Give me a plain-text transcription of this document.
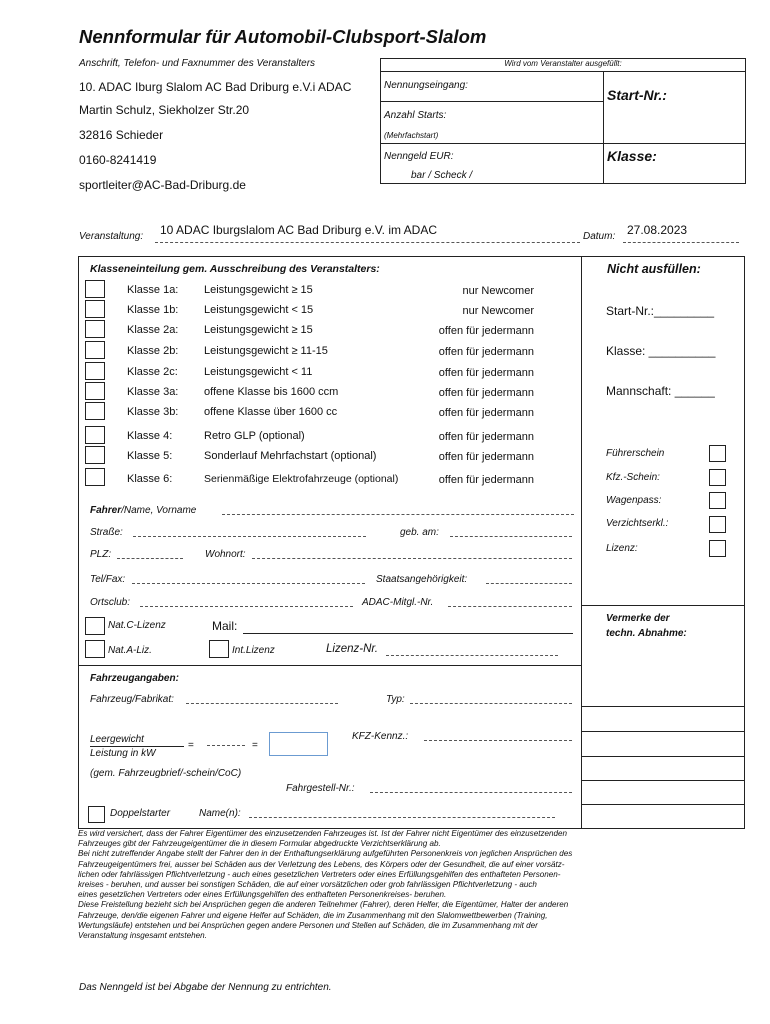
Nennformular für Automobil-Clubsport-Slalom
Anschrift, Telefon- und Faxnummer des Veranstalters
10. ADAC Iburg Slalom AC Bad Driburg e.V.i ADAC
Martin Schulz, Siekholzer Str.20
32816 Schieder
0160-8241419
sportleiter@AC-Bad-Driburg.de
Wird vom Veranstalter ausgefüllt:
Nennungseingang:
Anzahl Starts:
(Mehrfachstart)
Nenngeld EUR:
bar / Scheck /
Start-Nr.:
Klasse:
Veranstaltung: 10 ADAC Iburgslalom AC Bad Driburg e.V. im ADAC	Datum: 27.08.2023
Klasseneinteilung gem. Ausschreibung des Veranstalters:
Klasse 1a: Leistungsgewicht ≥ 15	nur Newcomer
Klasse 1b: Leistungsgewicht < 15	nur Newcomer
Klasse 2a: Leistungsgewicht ≥ 15	offen für jedermann
Klasse 2b: Leistungsgewicht ≥ 11-15	offen für jedermann
Klasse 2c: Leistungsgewicht < 11	offen für jedermann
Klasse 3a: offene Klasse bis 1600 ccm	offen für jedermann
Klasse 3b: offene Klasse über 1600 cc	offen für jedermann
Klasse 4:	Retro GLP (optional)	offen für jedermann
Klasse 5:	Sonderlauf Mehrfachstart (optional)	offen für jedermann
Klasse 6:	Serienmäßige Elektrofahrzeuge (optional)	offen für jedermann
Fahrer/Name, Vorname
Straße:	geb. am:
PLZ:	Wohnort:
Tel/Fax:	Staatsangehörigkeit:
Ortsclub:	ADAC-Mitgl.-Nr.
Nat.C-Lizenz	Mail:
Nat.A-Liz.	Int.Lizenz	Lizenz-Nr.
Fahrzeugangaben:
Fahrzeug/Fabrikat:	Typ:
Leergewicht
Leistung in kW
=	=
KFZ-Kennz.:
(gem. Fahrzeugbrief/-schein/CoC)
Fahrgestell-Nr.:
Doppelstarter	Name(n):
Nicht ausfüllen:
Start-Nr.:_________
Klasse: __________
Mannschaft: ______
Führerschein
Kfz.-Schein:
Wagenpass:
Verzichtserkl.:
Lizenz:
Vermerke der
techn. Abnahme:
Es wird versichert, dass der Fahrer Eigentümer des einzusetzenden Fahrzeuges ist. Ist der Fahrer nicht Eigentümer des einzusetzenden
Fahrzeuges gibt der Fahrzeugeigentümer die in diesem Formular abgedruckte Verzichtserklärung ab.
Bei nicht zutreffender Angabe stellt der Fahrer den in der Enthaftungserklärung aufgeführten Personenkreis von jeglichen Ansprüchen des
Fahrzeugeigentümers frei, ausser bei Schäden aus der Verletzung des Lebens, des Körpers oder der Gesundheit, die auf einer vorsätz-
lichen oder fahrlässigen Pflichtverletzung - auch eines gesetzlichen Vertreters oder eines Erfüllungsgehilfen des enthafteten Personen-
kreises - beruhen, und ausser bei sonstigen Schäden, die auf einer vorsätzlichen oder grob fahrlässigen Pflichtverletzung - auch
eines gesetzlichen Vertreters oder eines Erfüllungsgehilfen des enthafteten Personenkreises- beruhen.
Diese Freistellung bezieht sich bei Ansprüchen gegen die anderen Teilnehmer (Fahrer), deren Helfer, die Eigentümer, Halter der anderen
Fahrzeuge, den/die eigenen Fahrer und eigene Helfer auf Schäden, die im Zusammenhang mit den Slalomwettbewerben (Training,
Wertungsläufe) entstehen und bei Ansprüchen gegen andere Personen und Stellen auf Schäden, die im Zusammenhang mit der
Veranstaltung insgesamt entstehen.
Das Nenngeld ist bei Abgabe der Nennung zu entrichten.
